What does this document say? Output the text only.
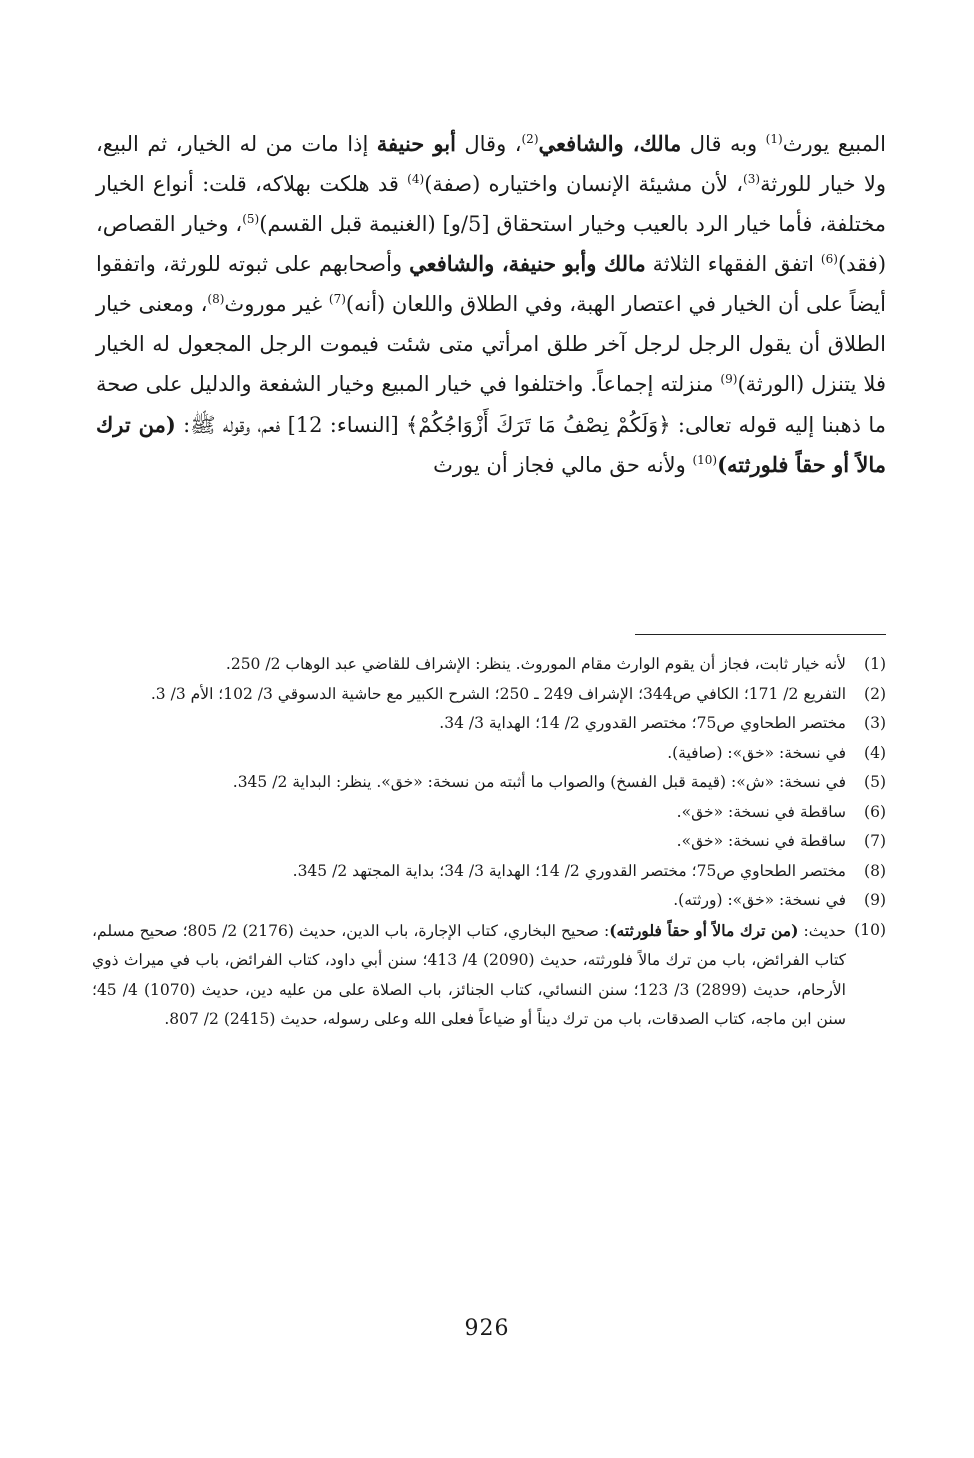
المبيع يورث$^{(1)}$ وبه قال مالك، والشافعي$^{(2)}$، وقال أبو حنيفة إذا مات من له الخيار، ثم البيع، ولا خيار للورثة$^{(3)}$، لأن مشيئة الإنسان واختياره (صفة)$^{(4)}$ قد هلكت بهلاكه، قلت: أنواع الخيار مختلفة، فأما خيار الرد بالعيب وخيار استحقاق [5/و] (الغنيمة قبل القسم)$^{(5)}$، وخيار القصاص، (فقد)$^{(6)}$ اتفق الفقهاء الثلاثة مالك وأبو حنيفة، والشافعي وأصحابهم على ثبوته للورثة، واتفقوا أيضاً على أن الخيار في اعتصار الهبة، وفي الطلاق واللعان (أنه)$^{(7)}$ غير موروث$^{(8)}$، ومعنى خيار الطلاق أن يقول الرجل لرجل آخر طلق امرأتي متى شئت فيموت الرجل المجعول له الخيار فلا يتنزل (الورثة)$^{(9)}$ منزلته إجماعاً. واختلفوا في خيار المبيع وخيار الشفعة والدليل على صحة ما ذهبنا إليه قوله تعالى: ﴿وَلَكُمْ نِصْفُ مَا تَرَكَ أَزْوَاجُكُمْ﴾ [النساء: 12] فعم، وقوله ﷺ: (من ترك مالاً أو حقاً فلورثته)$^{(10)}$ ولأنه حق مالي فجاز أن يورث
(1)
لأنه خيار ثابت، فجاز أن يقوم الوارث مقام الموروث. ينظر: الإشراف للقاضي عبد الوهاب 2/ 250.
(2)
التفريع 2/ 171؛ الكافي ص344؛ الإشراف 249 ـ 250؛ الشرح الكبير مع حاشية الدسوقي 3/ 102؛ الأم 3/ 3.
(3)
مختصر الطحاوي ص75؛ مختصر القدوري 2/ 14؛ الهداية 3/ 34.
(4)
في نسخة: «خق»: (صافية).
(5)
في نسخة: «ش»: (قيمة قبل الفسخ) والصواب ما أثبته من نسخة: «خق». ينظر: البداية 2/ 345.
(6)
ساقطة في نسخة: «خق».
(7)
ساقطة في نسخة: «خق».
(8)
مختصر الطحاوي ص75؛ مختصر القدوري 2/ 14؛ الهداية 3/ 34؛ بداية المجتهد 2/ 345.
(9)
في نسخة: «خق»: (ورثته).
(10)
حديث: (من ترك مالاً أو حقاً فلورثته): صحيح البخاري، كتاب الإجارة، باب الدين، حديث (2176) 2/ 805؛ صحيح مسلم، كتاب الفرائض، باب من ترك مالاً فلورثته، حديث (2090) 4/ 413؛ سنن أبي داود، كتاب الفرائض، باب في ميراث ذوي الأرحام، حديث (2899) 3/ 123؛ سنن النسائي، كتاب الجنائز، باب الصلاة على من عليه دين، حديث (1070) 4/ 45؛ سنن ابن ماجه، كتاب الصدقات، باب من ترك ديناً أو ضياعاً فعلى الله وعلى رسوله، حديث (2415) 2/ 807.
926
